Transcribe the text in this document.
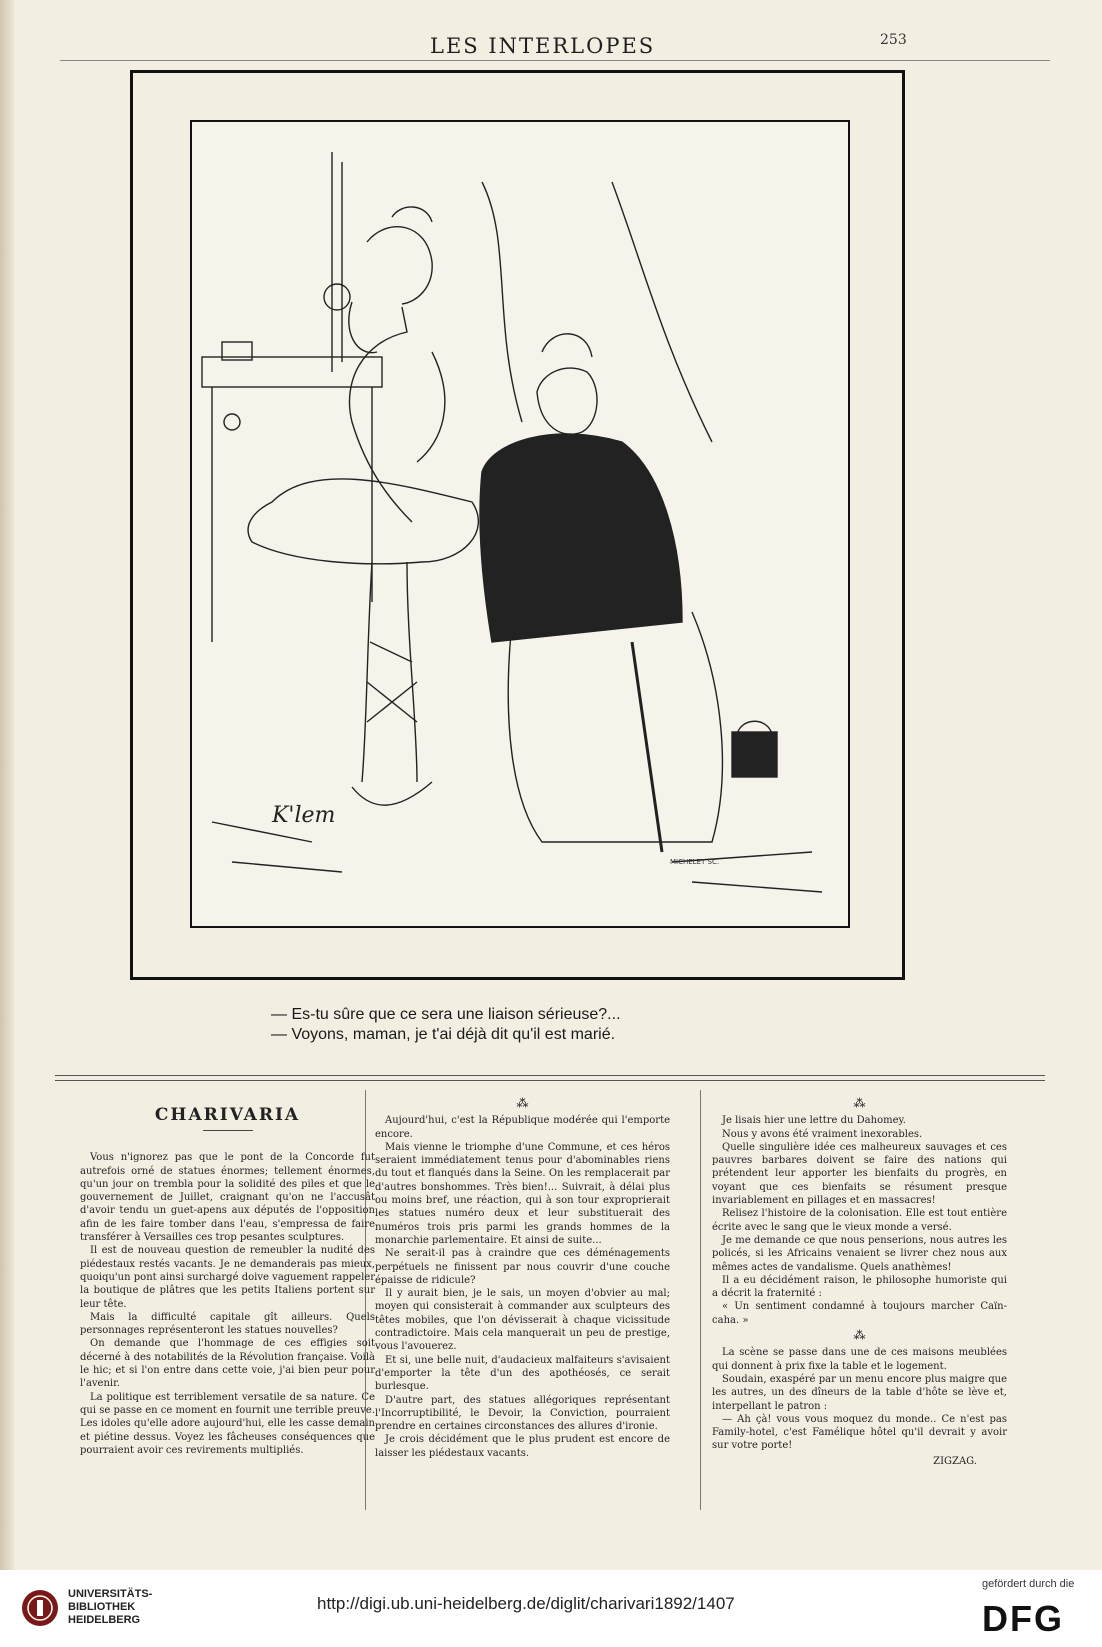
LES INTERLOPES	253
K'lem
MICHELET SC.
— Es-tu sûre que ce sera une liaison sérieuse?...
— Voyons, maman, je t'ai déjà dit qu'il est marié.
CHARIVARIA

Vous n'ignorez pas que le pont de la Concorde fut autrefois orné de statues énormes; tellement énormes, qu'un jour on trembla pour la solidité des piles et que le gouvernement de Juillet, craignant qu'on ne l'accusât d'avoir tendu un guet-apens aux députés de l'opposition afin de les faire tomber dans l'eau, s'empressa de faire transférer à Versailles ces trop pesantes sculptures.

Il est de nouveau question de remeubler la nudité des piédestaux restés vacants. Je ne demanderais pas mieux, quoiqu'un pont ainsi surchargé doive vaguement rappeler la boutique de plâtres que les petits Italiens portent sur leur tête.

Mais la difficulté capitale gît ailleurs. Quels personnages représenteront les statues nouvelles?

On demande que l'hommage de ces effigies soit décerné à des notabilités de la Révolution française. Voilà le hic; et si l'on entre dans cette voie, j'ai bien peur pour l'avenir.

La politique est terriblement versatile de sa nature. Ce qui se passe en ce moment en fournit une terrible preuve. Les idoles qu'elle adore aujourd'hui, elle les casse demain et piétine dessus. Voyez les fâcheuses conséquences que pourraient avoir ces revirements multipliés.

⁂

Aujourd'hui, c'est la République modérée qui l'emporte encore.

Mais vienne le triomphe d'une Commune, et ces héros seraient immédiatement tenus pour d'abominables riens du tout et flanqués dans la Seine. On les remplacerait par d'autres bonshommes. Très bien!... Suivrait, à délai plus ou moins bref, une réaction, qui à son tour exproprierait les statues numéro deux et leur substituerait des numéros trois pris parmi les grands hommes de la monarchie parlementaire. Et ainsi de suite...

Ne serait-il pas à craindre que ces déménagements perpétuels ne finissent par nous couvrir d'une couche épaisse de ridicule?

Il y aurait bien, je le sais, un moyen d'obvier au mal; moyen qui consisterait à commander aux sculpteurs des têtes mobiles, que l'on dévisserait à chaque vicissitude contradictoire. Mais cela manquerait un peu de prestige, vous l'avouerez.

Et si, une belle nuit, d'audacieux malfaiteurs s'avisaient d'emporter la tête d'un des apothéosés, ce serait burlesque.

D'autre part, des statues allégoriques représentant l'Incorruptibilité, le Devoir, la Conviction, pourraient prendre en certaines circonstances des allures d'ironie.

Je crois décidément que le plus prudent est encore de laisser les piédestaux vacants.

⁂

Je lisais hier une lettre du Dahomey.

Nous y avons été vraiment inexorables.

Quelle singulière idée ces malheureux sauvages et ces pauvres barbares doivent se faire des nations qui prétendent leur apporter les bienfaits du progrès, en voyant que ces bienfaits se résument presque invariablement en pillages et en massacres!

Relisez l'histoire de la colonisation. Elle est tout entière écrite avec le sang que le vieux monde a versé.

Je me demande ce que nous penserions, nous autres les policés, si les Africains venaient se livrer chez nous aux mêmes actes de vandalisme. Quels anathèmes!

Il a eu décidément raison, le philosophe humoriste qui a décrit la fraternité :

« Un sentiment condamné à toujours marcher Caïn-caha. »

⁂

La scène se passe dans une de ces maisons meublées qui donnent à prix fixe la table et le logement.

Soudain, exaspéré par un menu encore plus maigre que les autres, un des dîneurs de la table d'hôte se lève et, interpellant le patron :

— Ah çà! vous vous moquez du monde.. Ce n'est pas Family-hotel, c'est Famélique hôtel qu'il devrait y avoir sur votre porte!

ZIGZAG.
UNIVERSITÄTS-
BIBLIOTHEK
HEIDELBERG
http://digi.ub.uni-heidelberg.de/diglit/charivari1892/1407
gefördert durch die
DFG
